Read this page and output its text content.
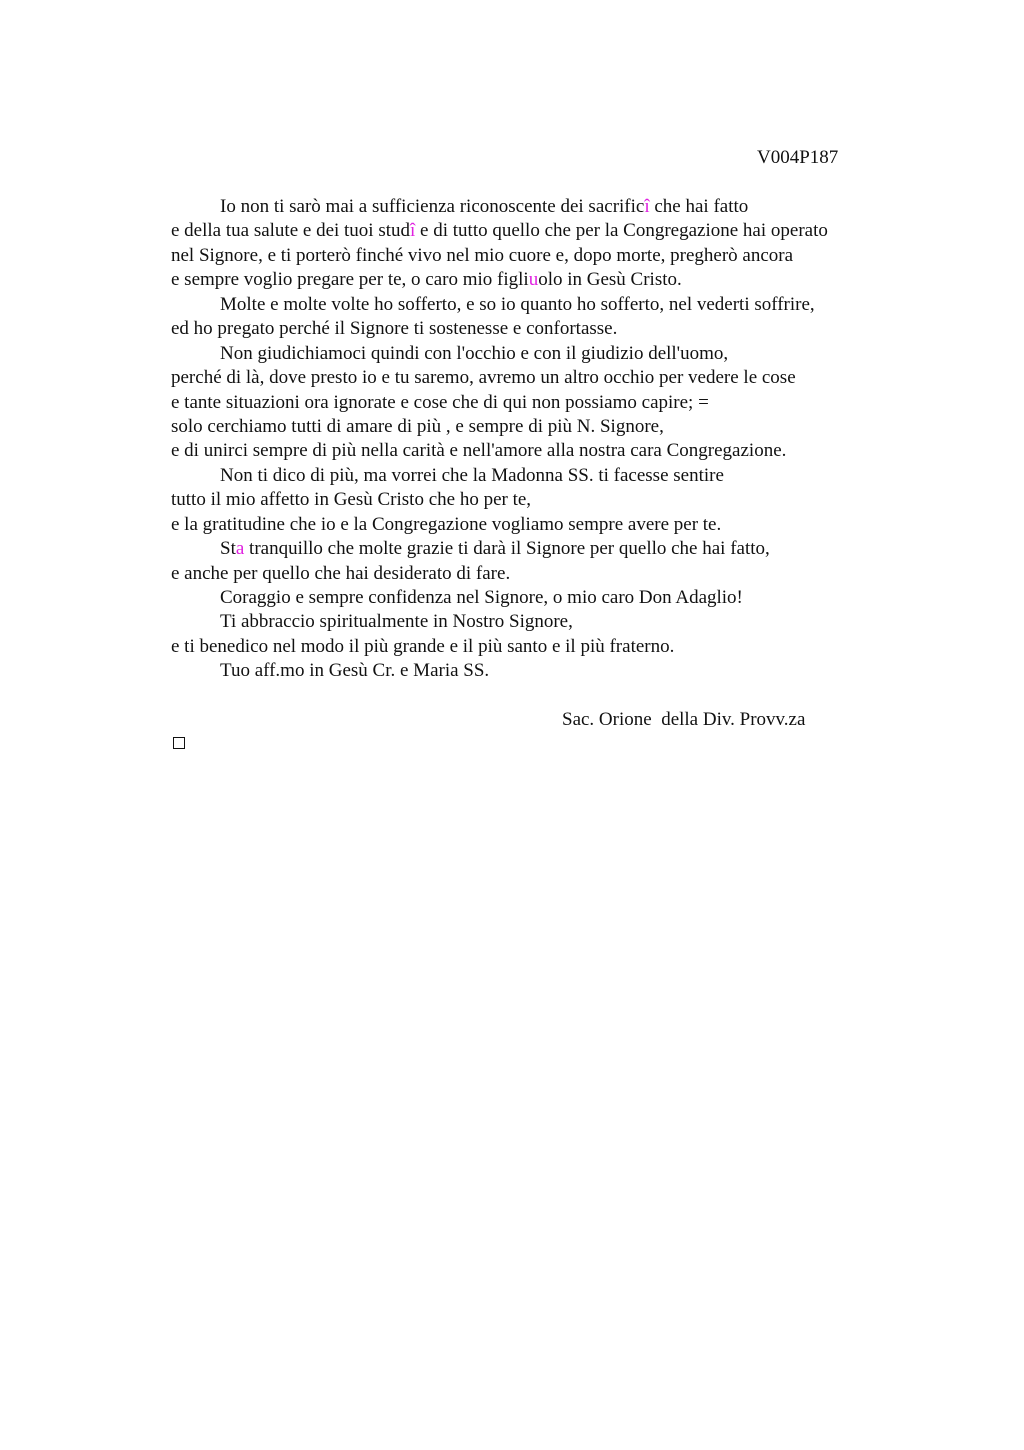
V004P187
Io non ti sarò mai a sufficienza riconoscente dei sacrificî che hai fatto
e della tua salute e dei tuoi studî e di tutto quello che per la Congregazione hai operato
nel Signore, e ti porterò finché vivo nel mio cuore e, dopo morte, pregherò ancora
e sempre voglio pregare per te, o caro mio figliuolo in Gesù Cristo.
Molte e molte volte ho sofferto, e so io quanto ho sofferto, nel vederti soffrire,
ed ho pregato perché il Signore ti sostenesse e confortasse.
Non giudichiamoci quindi con l'occhio e con il giudizio dell'uomo,
perché di là, dove presto io e tu saremo, avremo un altro occhio per vedere le cose
e tante situazioni ora ignorate e cose che di qui non possiamo capire; =
solo cerchiamo tutti di amare di più , e sempre di più N. Signore,
e di unirci sempre di più nella carità e nell'amore alla nostra cara Congregazione.
Non ti dico di più, ma vorrei che la Madonna SS. ti facesse sentire
tutto il mio affetto in Gesù Cristo che ho per te,
e la gratitudine che io e la Congregazione vogliamo sempre avere per te.
Sta tranquillo che molte grazie ti darà il Signore per quello che hai fatto,
e anche per quello che hai desiderato di fare.
Coraggio e sempre confidenza nel Signore, o mio caro Don Adaglio!
Ti abbraccio spiritualmente in Nostro Signore,
e ti benedico nel modo il più grande e il più santo e il più fraterno.
Tuo aff.mo in Gesù Cr. e Maria SS.
Sac. Orione  della Div. Provv.za
